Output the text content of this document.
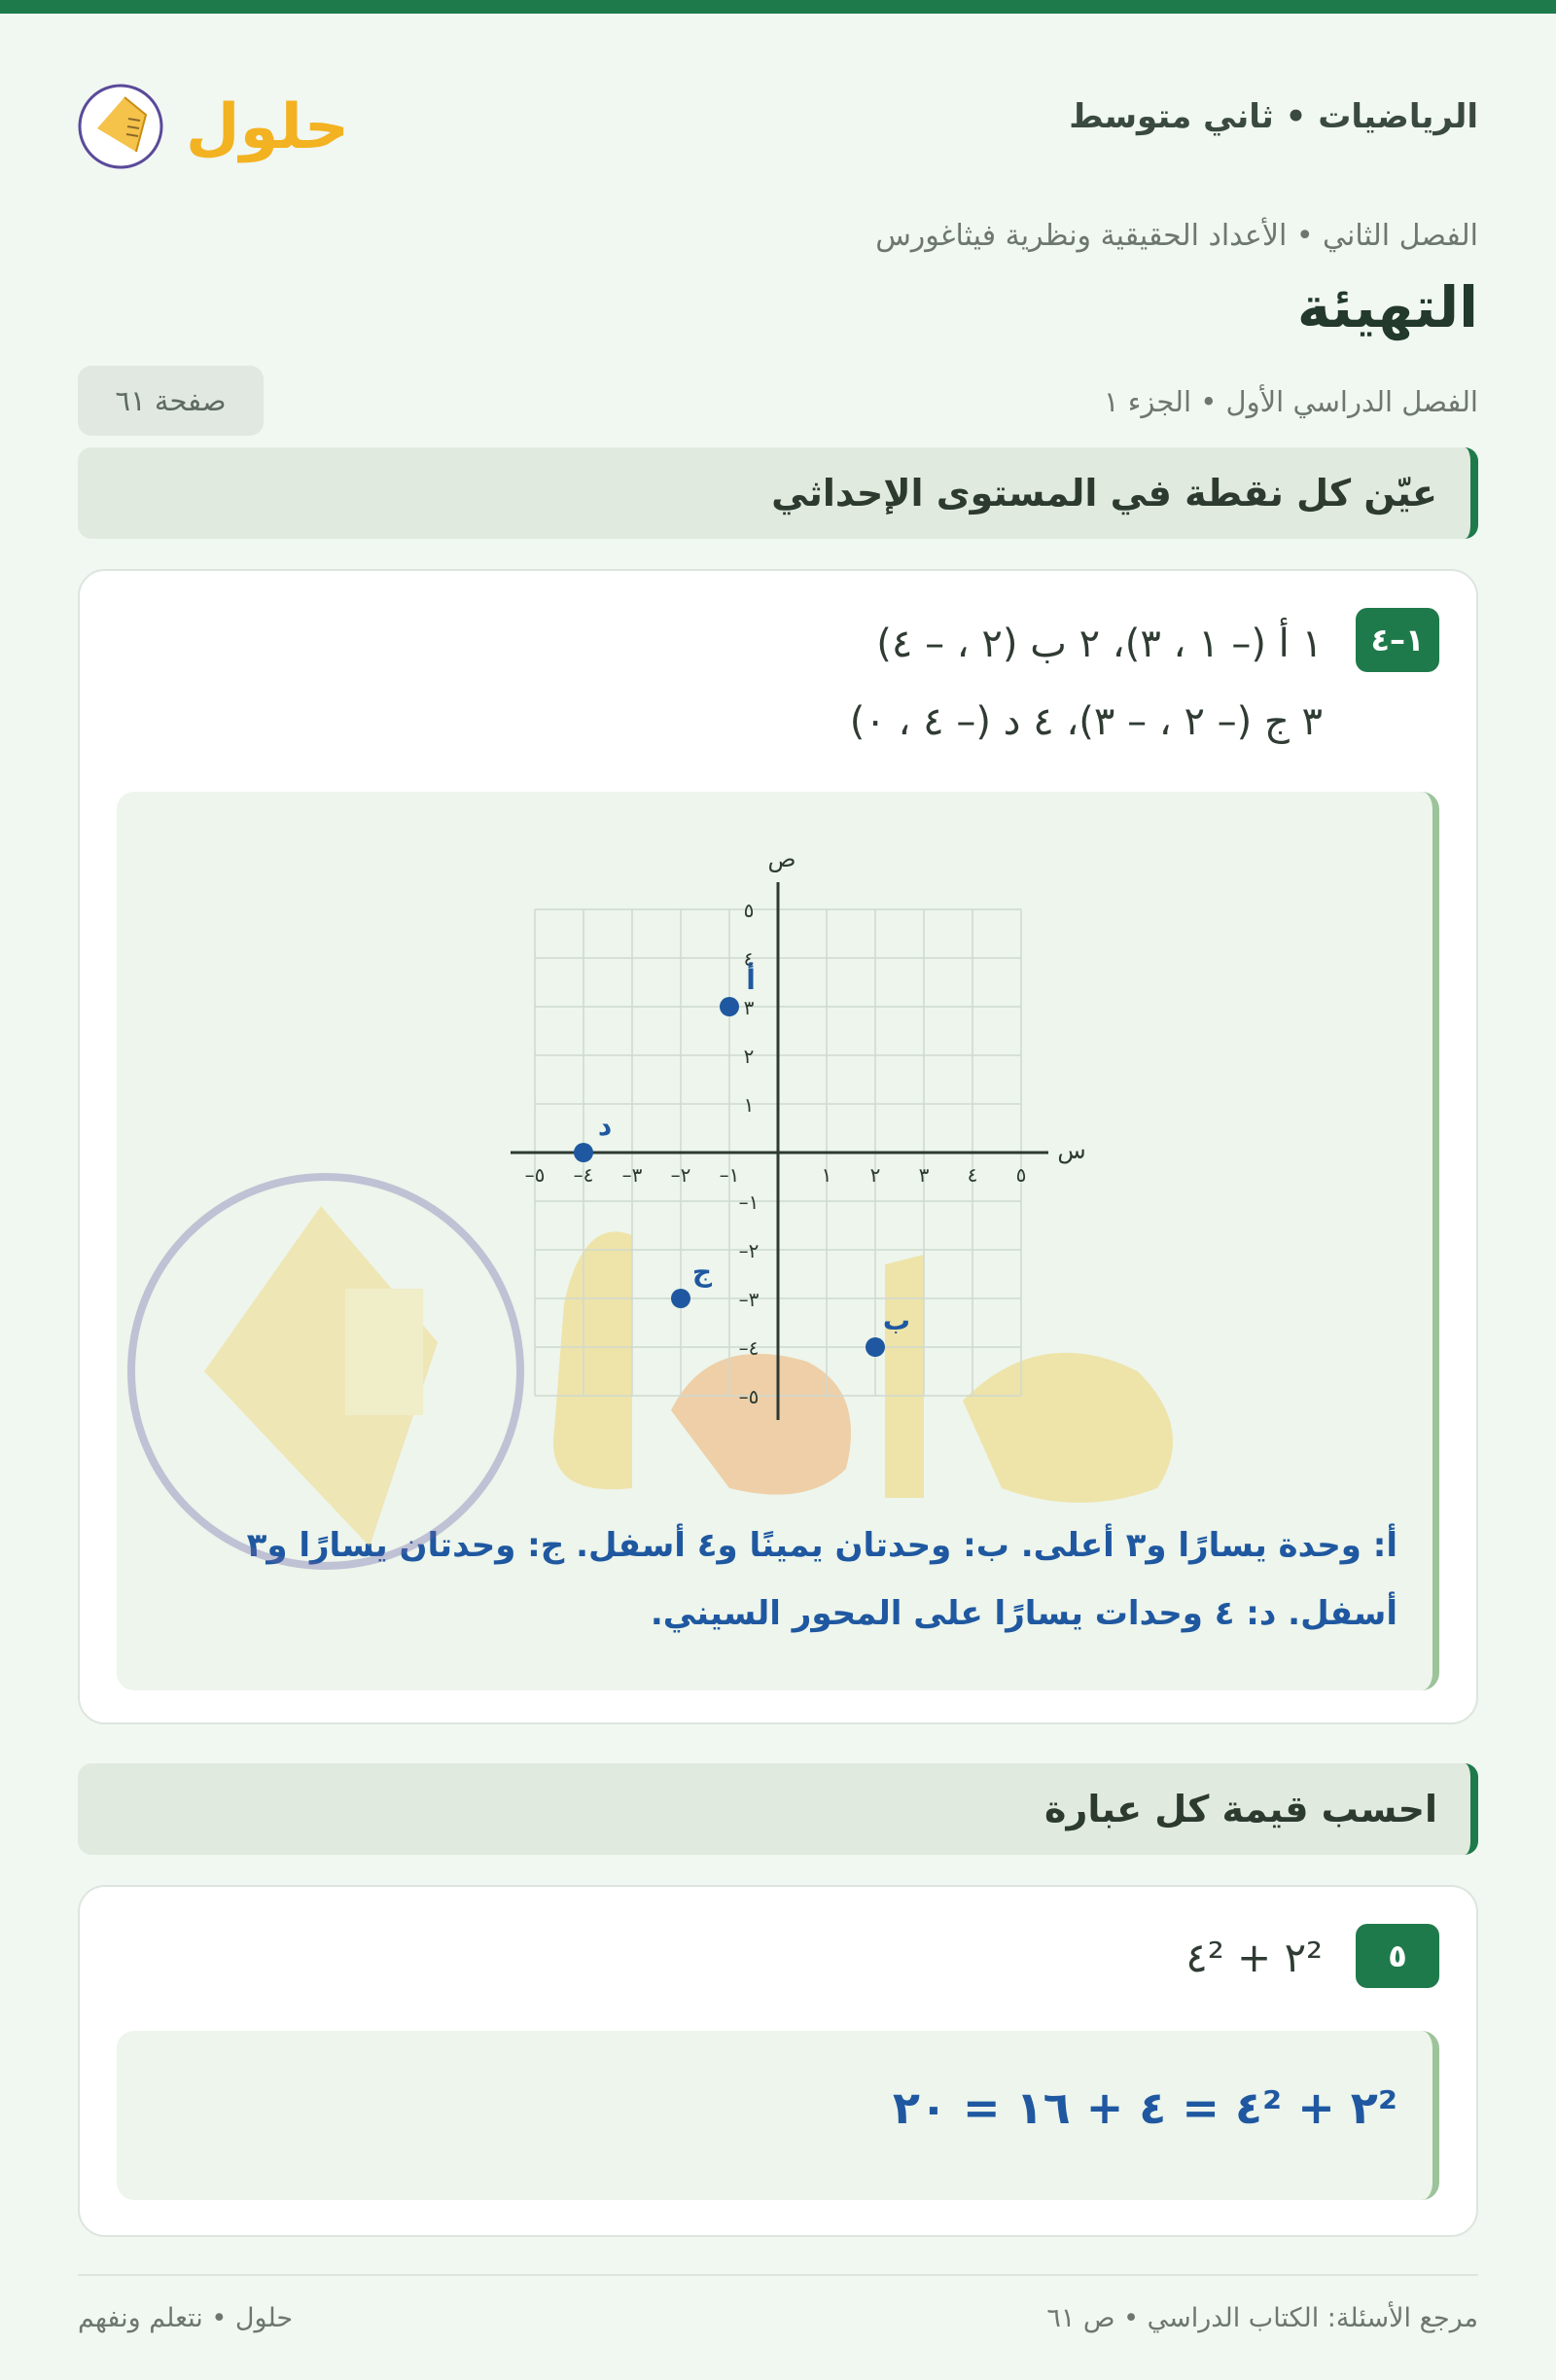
الرياضيات • ثاني متوسط
حلول
الفصل الثاني • الأعداد الحقيقية ونظرية فيثاغورس
التهيئة
الفصل الدراسي الأول • الجزء ١
صفحة ٦١
عيّن كل نقطة في المستوى الإحداثي
١–٤
١ أ (– ١ ، ٣)، ٢ ب (٢ ، – ٤)
٣ ج (– ٢ ، – ٣)، ٤ د (– ٤ ، ٠)
أ: وحدة يسارًا و٣ أعلى. ب: وحدتان يمينًا و٤ أسفل. ج: وحدتان يسارًا و٣
أسفل. د: ٤ وحدات يسارًا على المحور السيني.
س
ص
٥– ٤– ٣– ٢– ١–	١ ٢ ٣ ٤ ٥
٥
٤
٣
٢
١
١–
٢–
٣–
٤–
٥–
أ
ب
ج
د
احسب قيمة كل عبارة
٥
٢² + ٤²
٢² + ٤² = ٤ + ١٦ = ٢٠
مرجع الأسئلة: الكتاب الدراسي • ص ٦١
حلول • نتعلم ونفهم
